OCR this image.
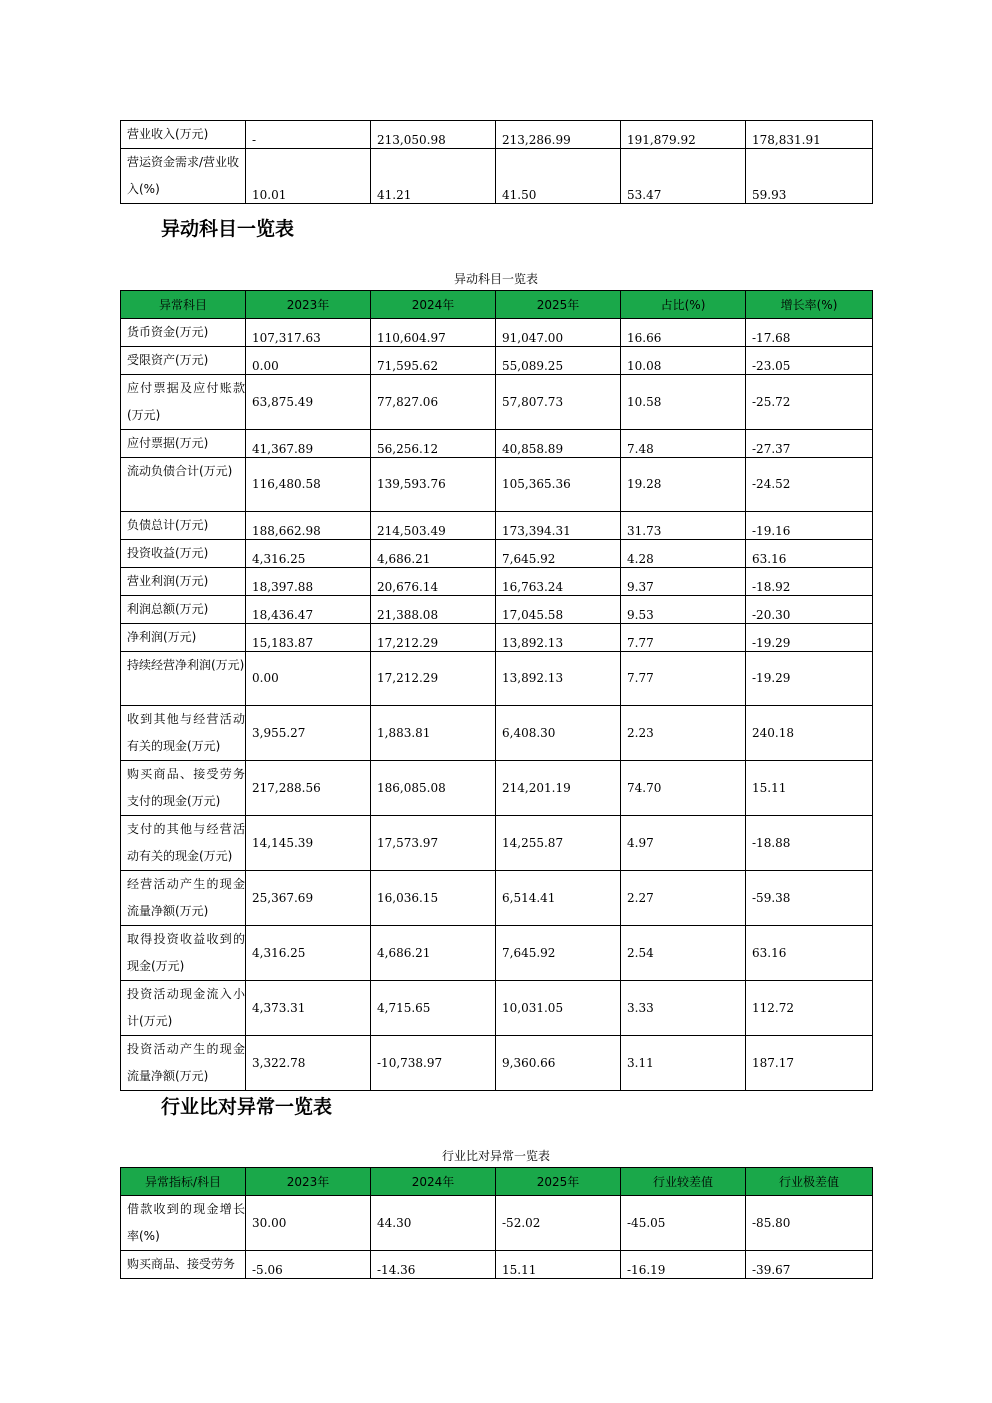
营业收入(万元)	-	213,050.98	213,286.99	191,879.92	178,831.91
营运资金需求/营业收入(%)	10.01	41.21	41.50	53.47	59.93
异动科目一览表
异动科目一览表
异常科目	2023年	2024年	2025年	占比(%)	增长率(%)
货币资金(万元)	107,317.63	110,604.97	91,047.00	16.66	-17.68
受限资产(万元)	0.00	71,595.62	55,089.25	10.08	-23.05
应付票据及应付账款(万元)	63,875.49	77,827.06	57,807.73	10.58	-25.72
应付票据(万元)	41,367.89	56,256.12	40,858.89	7.48	-27.37
流动负债合计(万元)	116,480.58	139,593.76	105,365.36	19.28	-24.52
负债总计(万元)	188,662.98	214,503.49	173,394.31	31.73	-19.16
投资收益(万元)	4,316.25	4,686.21	7,645.92	4.28	63.16
营业利润(万元)	18,397.88	20,676.14	16,763.24	9.37	-18.92
利润总额(万元)	18,436.47	21,388.08	17,045.58	9.53	-20.30
净利润(万元)	15,183.87	17,212.29	13,892.13	7.77	-19.29
持续经营净利润(万元)	0.00	17,212.29	13,892.13	7.77	-19.29
收到其他与经营活动有关的现金(万元)	3,955.27	1,883.81	6,408.30	2.23	240.18
购买商品、接受劳务支付的现金(万元)	217,288.56	186,085.08	214,201.19	74.70	15.11
支付的其他与经营活动有关的现金(万元)	14,145.39	17,573.97	14,255.87	4.97	-18.88
经营活动产生的现金流量净额(万元)	25,367.69	16,036.15	6,514.41	2.27	-59.38
取得投资收益收到的现金(万元)	4,316.25	4,686.21	7,645.92	2.54	63.16
投资活动现金流入小计(万元)	4,373.31	4,715.65	10,031.05	3.33	112.72
投资活动产生的现金流量净额(万元)	3,322.78	-10,738.97	9,360.66	3.11	187.17
行业比对异常一览表
行业比对异常一览表
异常指标/科目	2023年	2024年	2025年	行业较差值	行业极差值
借款收到的现金增长率(%)	30.00	44.30	-52.02	-45.05	-85.80
购买商品、接受劳务	-5.06	-14.36	15.11	-16.19	-39.67
